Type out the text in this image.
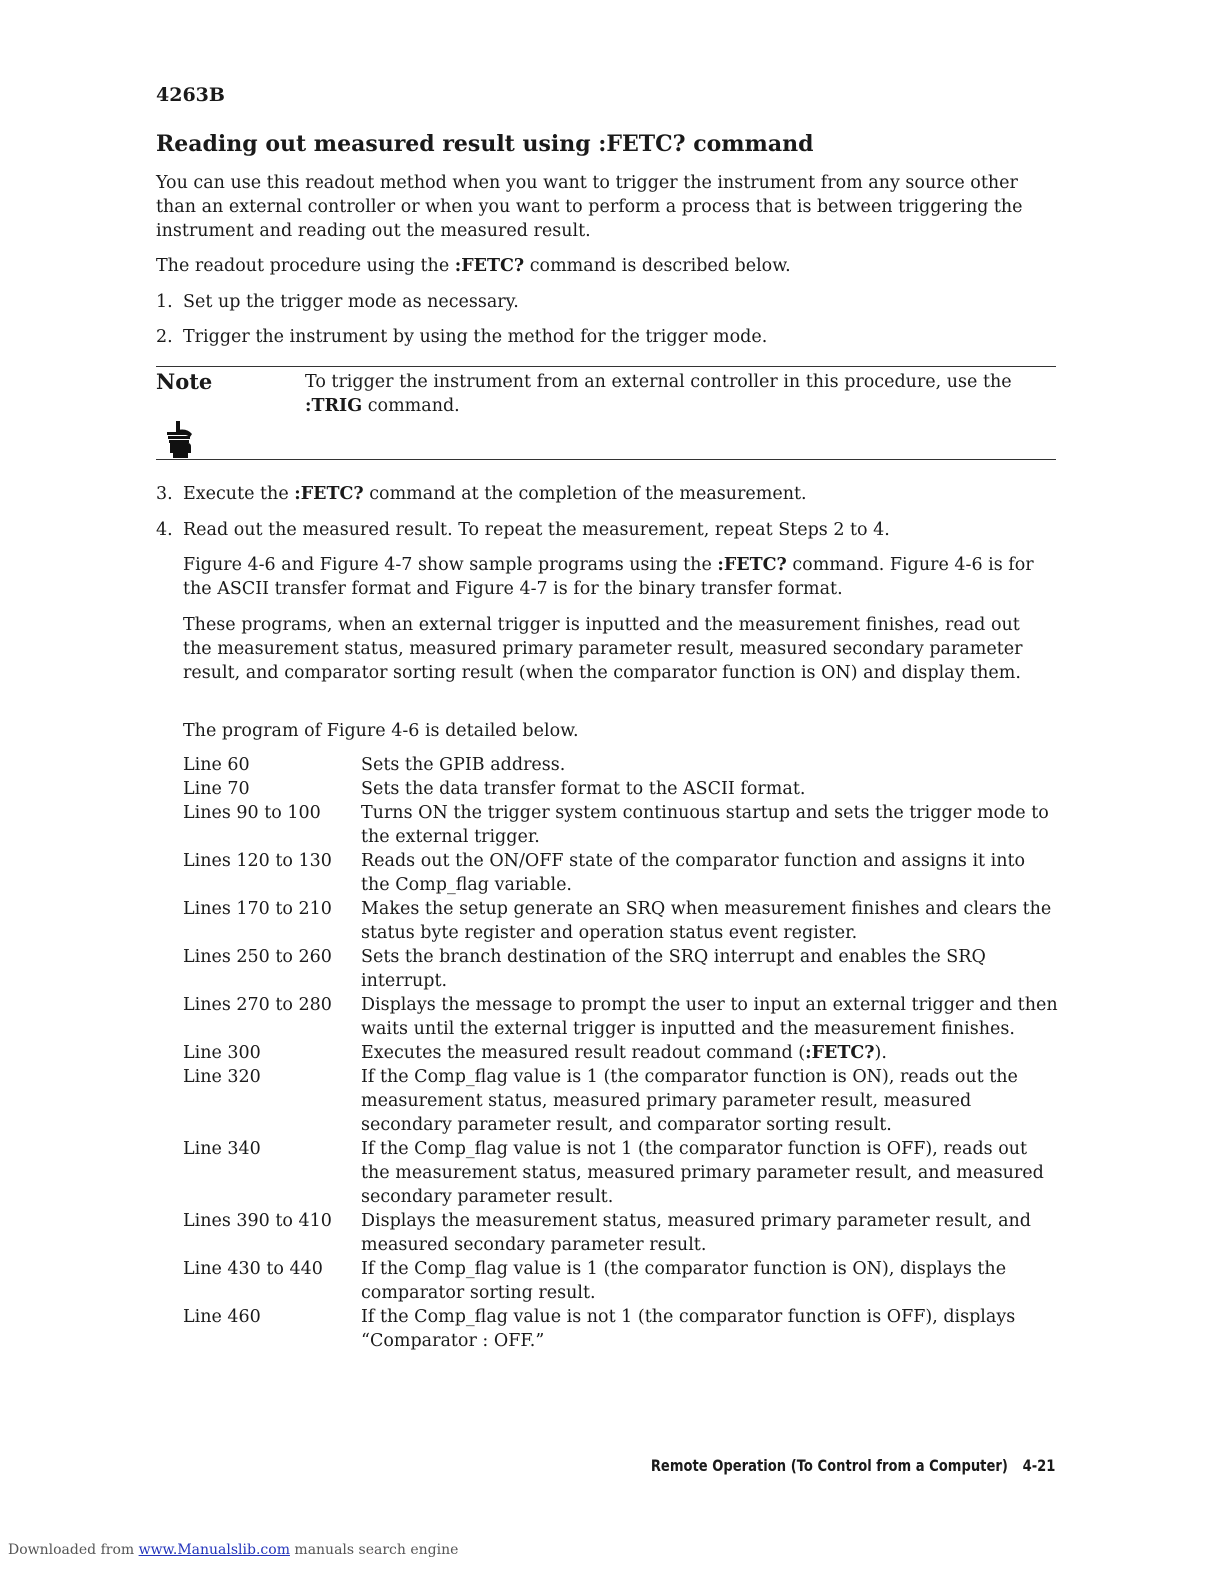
4263B
Reading out measured result using :FETC? command

You can use this readout method when you want to trigger the instrument from any source other than an external controller or when you want to perform a process that is between triggering the instrument and reading out the measured result.

The readout procedure using the :FETC? command is described below.

1. Set up the trigger mode as necessary.
2. Trigger the instrument by using the method for the trigger mode.
Note	To trigger the instrument from an external controller in this procedure, use the :TRIG command.
3. Execute the :FETC? command at the completion of the measurement.
4. Read out the measured result. To repeat the measurement, repeat Steps 2 to 4.

Figure 4-6 and Figure 4-7 show sample programs using the :FETC? command. Figure 4-6 is for the ASCII transfer format and Figure 4-7 is for the binary transfer format.

These programs, when an external trigger is inputted and the measurement finishes, read out the measurement status, measured primary parameter result, measured secondary parameter result, and comparator sorting result (when the comparator function is ON) and display them.

The program of Figure 4-6 is detailed below.

Line 60	Sets the GPIB address.
Line 70	Sets the data transfer format to the ASCII format.
Lines 90 to 100	Turns ON the trigger system continuous startup and sets the trigger mode to the external trigger.
Lines 120 to 130	Reads out the ON/OFF state of the comparator function and assigns it into the Comp_flag variable.
Lines 170 to 210	Makes the setup generate an SRQ when measurement finishes and clears the status byte register and operation status event register.
Lines 250 to 260	Sets the branch destination of the SRQ interrupt and enables the SRQ interrupt.
Lines 270 to 280	Displays the message to prompt the user to input an external trigger and then waits until the external trigger is inputted and the measurement finishes.
Line 300	Executes the measured result readout command (:FETC?).
Line 320	If the Comp_flag value is 1 (the comparator function is ON), reads out the measurement status, measured primary parameter result, measured secondary parameter result, and comparator sorting result.
Line 340	If the Comp_flag value is not 1 (the comparator function is OFF), reads out the measurement status, measured primary parameter result, and measured secondary parameter result.
Lines 390 to 410	Displays the measurement status, measured primary parameter result, and measured secondary parameter result.
Line 430 to 440	If the Comp_flag value is 1 (the comparator function is ON), displays the comparator sorting result.
Line 460	If the Comp_flag value is not 1 (the comparator function is OFF), displays “Comparator : OFF.”
Remote Operation (To Control from a Computer) 4-21
Downloaded from www.Manualslib.com manuals search engine
